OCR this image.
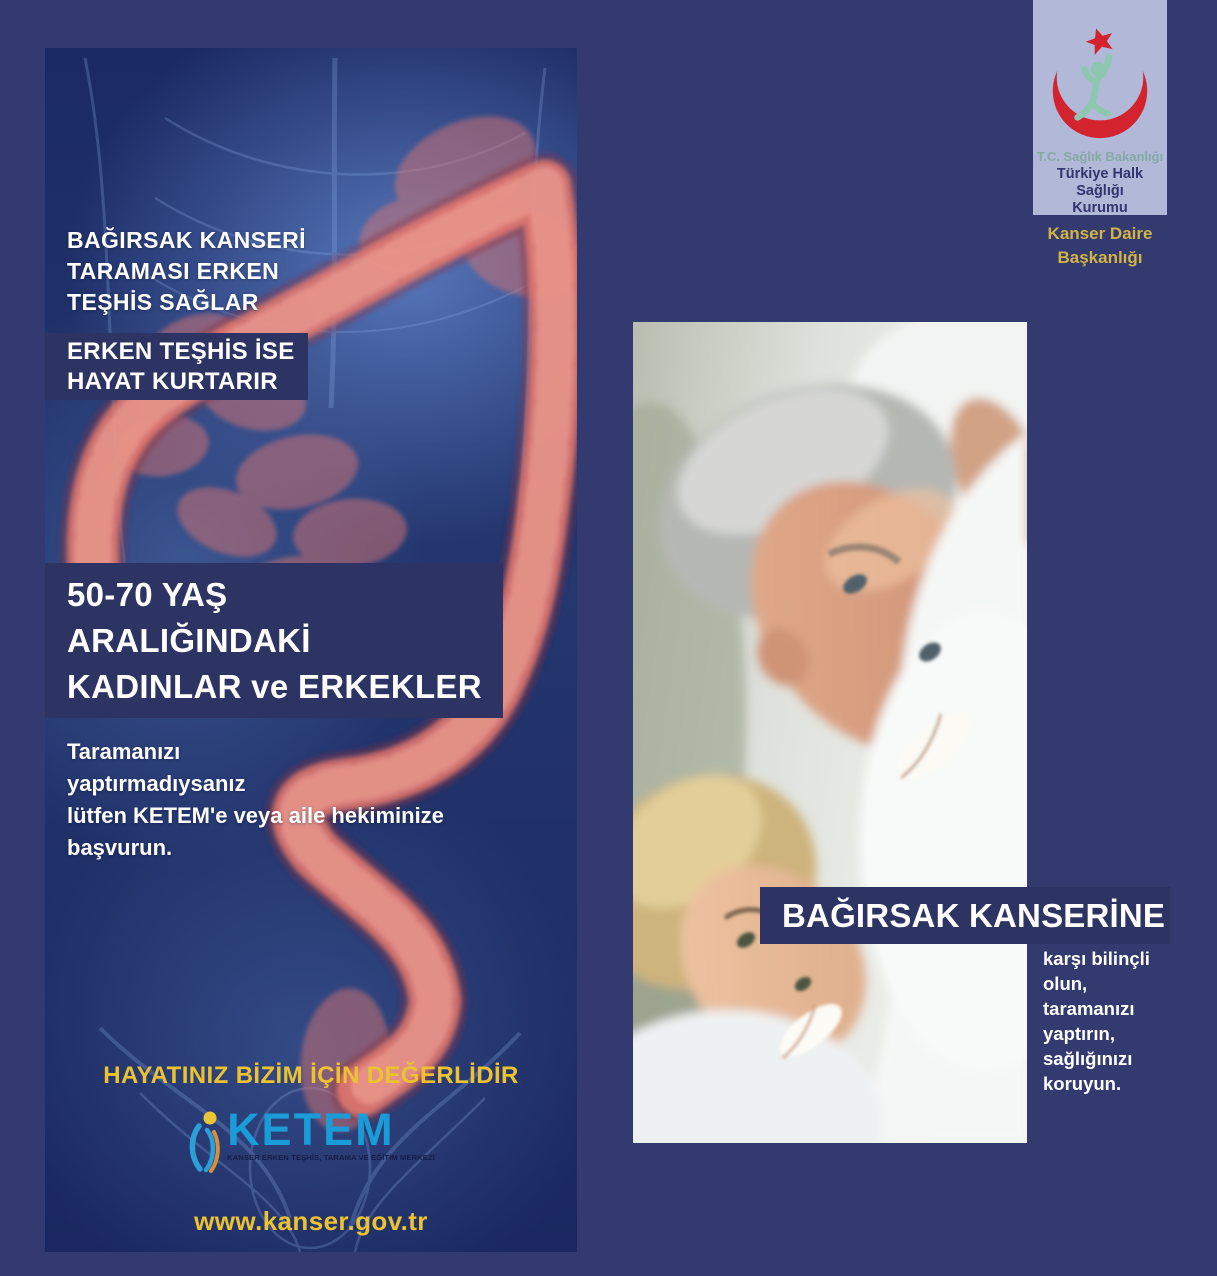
BAĞIRSAK KANSERİ
TARAMASI ERKEN
TEŞHİS SAĞLAR
ERKEN TEŞHİS İSE
HAYAT KURTARIR
50-70 YAŞ
ARALIĞINDAKİ
KADINLAR ve ERKEKLER

Taramanızı
yaptırmadıysanız
lütfen KETEM'e veya aile hekiminize
başvurun.

HAYATINIZ BİZİM İÇİN DEĞERLİDİR
KETEM
KANSER ERKEN TEŞHİS, TARAMA VE EĞİTİM MERKEZİ
www.kanser.gov.tr
T.C. Sağlık Bakanlığı
Türkiye Halk Sağlığı
Kurumu
Kanser Daire
Başkanlığı
BAĞIRSAK KANSERİNE

karşı bilinçli
olun,
taramanızı
yaptırın,
sağlığınızı
koruyun.
